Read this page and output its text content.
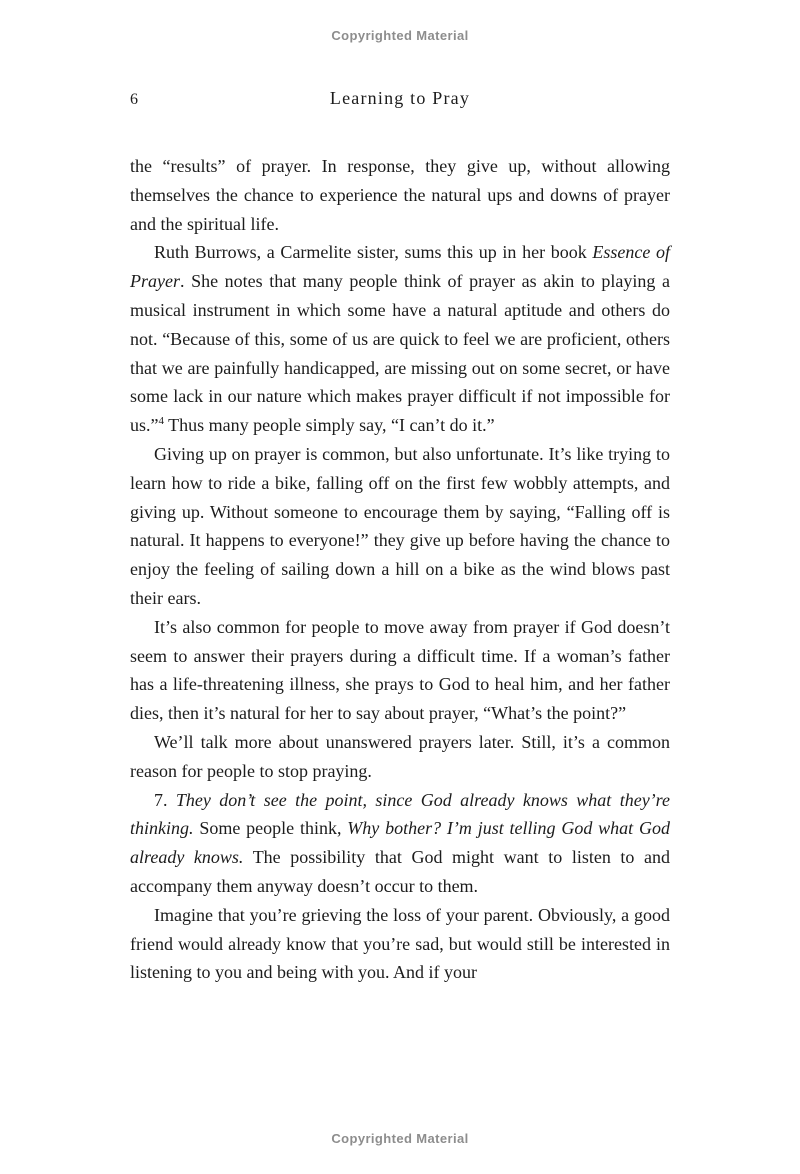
Copyrighted Material
6	Learning to Pray

the “results” of prayer. In response, they give up, without allowing themselves the chance to experience the natural ups and downs of prayer and the spiritual life.

Ruth Burrows, a Carmelite sister, sums this up in her book Essence of Prayer. She notes that many people think of prayer as akin to playing a musical instrument in which some have a natural aptitude and others do not. “Because of this, some of us are quick to feel we are proficient, others that we are painfully handicapped, are missing out on some secret, or have some lack in our nature which makes prayer difficult if not impossible for us.”$^4$ Thus many people simply say, “I can’t do it.”

Giving up on prayer is common, but also unfortunate. It’s like trying to learn how to ride a bike, falling off on the first few wobbly attempts, and giving up. Without someone to encourage them by saying, “Falling off is natural. It happens to everyone!” they give up before having the chance to enjoy the feeling of sailing down a hill on a bike as the wind blows past their ears.

It’s also common for people to move away from prayer if God doesn’t seem to answer their prayers during a difficult time. If a woman’s father has a life-threatening illness, she prays to God to heal him, and her father dies, then it’s natural for her to say about prayer, “What’s the point?”

We’ll talk more about unanswered prayers later. Still, it’s a common reason for people to stop praying.

7. They don’t see the point, since God already knows what they’re thinking. Some people think, Why bother? I’m just telling God what God already knows. The possibility that God might want to listen to and accompany them anyway doesn’t occur to them.

Imagine that you’re grieving the loss of your parent. Obviously, a good friend would already know that you’re sad, but would still be interested in listening to you and being with you. And if your

Copyrighted Material
